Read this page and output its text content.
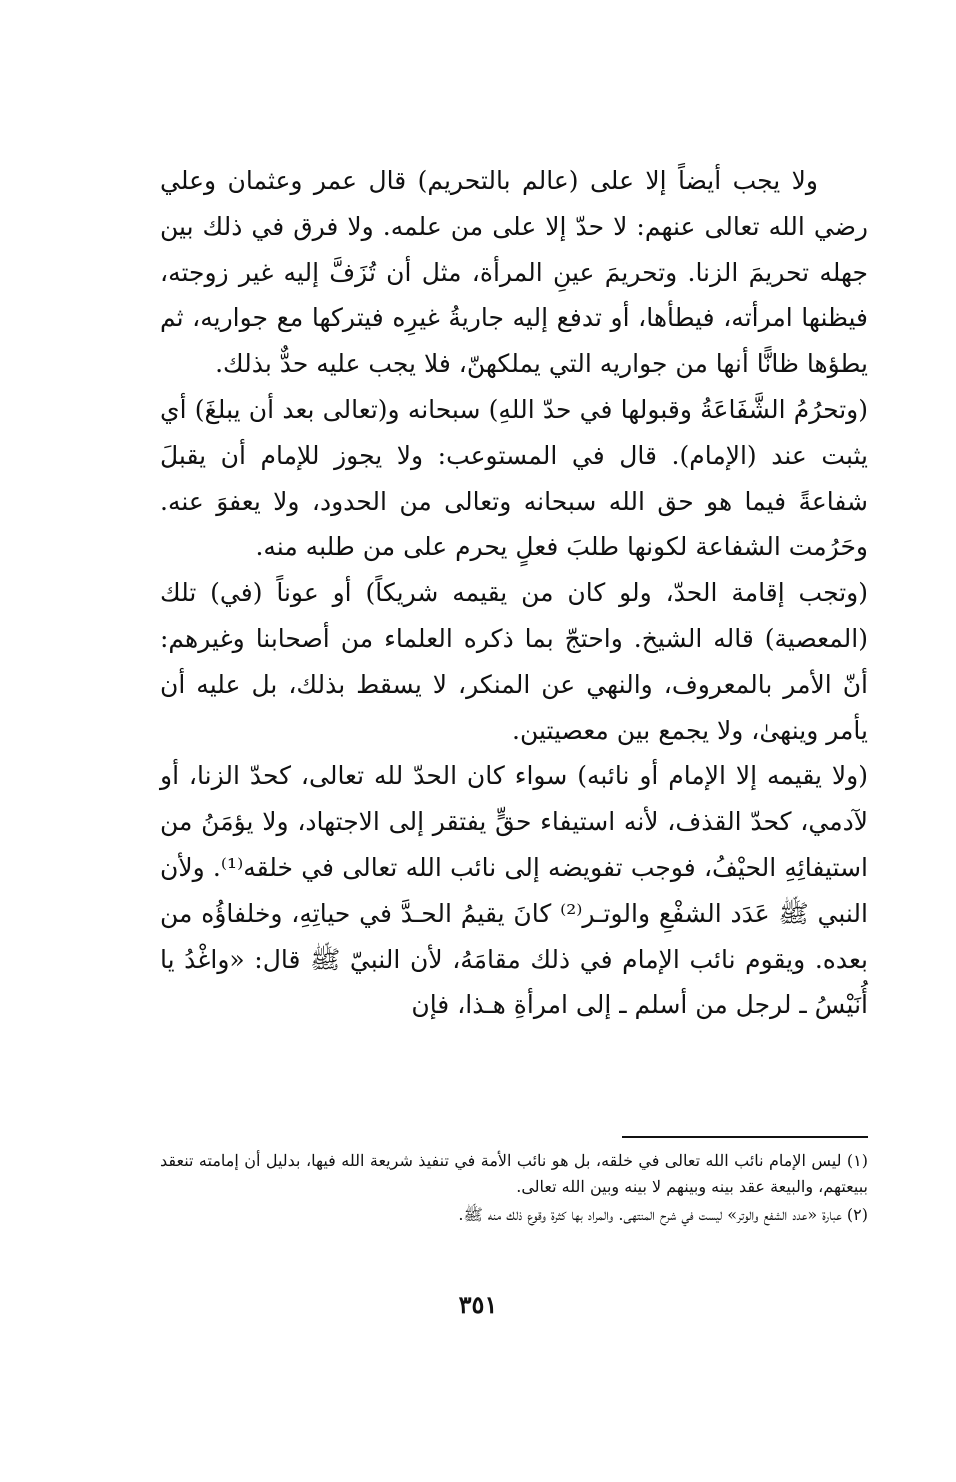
ولا يجب أيضاً إلا على (عالم بالتحريم) قال عمر وعثمان وعلي رضي الله تعالى عنهم: لا حدّ إلا على من علمه. ولا فرق في ذلك بين جهله تحريمَ الزنا. وتحريمَ عينِ المرأة، مثل أن تُزَفَّ إليه غير زوجته، فيظنها امرأته، فيطأها، أو تدفع إليه جاريةُ غيرِه فيتركها مع جواريه، ثم يطؤها ظانًّا أنها من جواريه التي يملكهنّ، فلا يجب عليه حدٌّ بذلك.

(وتحرُمُ الشَّفَاعَةُ وقبولها في حدّ اللهِ) سبحانه و(تعالى بعد أن يبلغَ) أي يثبت عند (الإمام). قال في المستوعب: ولا يجوز للإمام أن يقبلَ شفاعةً فيما هو حق الله سبحانه وتعالى من الحدود، ولا يعفوَ عنه. وحَرُمت الشفاعة لكونها طلبَ فعلٍ يحرم على من طلبه منه.

(وتجب إقامة الحدّ، ولو كان من يقيمه شريكاً) أو عوناً (في) تلك (المعصية) قاله الشيخ. واحتجّ بما ذكره العلماء من أصحابنا وغيرهم: أنّ الأمر بالمعروف، والنهي عن المنكر، لا يسقط بذلك، بل عليه أن يأمر وينهىٰ، ولا يجمع بين معصيتين.

(ولا يقيمه إلا الإمام أو نائبه) سواء كان الحدّ لله تعالى، كحدّ الزنا، أو لآدمي، كحدّ القذف، لأنه استيفاء حقٍّ يفتقر إلى الاجتهاد، ولا يؤمَنُ من استيفائِهِ الحيْفُ، فوجب تفويضه إلى نائب الله تعالى في خلقه⁽¹⁾. ولأن النبي ﷺ عَدَد الشفْعِ والوتـر⁽²⁾ كانَ يقيمُ الحـدَّ في حياتِهِ، وخلفاؤُه من بعده. ويقوم نائب الإمام في ذلك مقامَهُ، لأن النبيّ ﷺ قال: «واغْدُ يا أُنَيْسُ ـ لرجل من أسلم ـ إلى امرأةِ هـذا، فإن

(١) ليس الإمام نائب الله تعالى في خلقه، بل هو نائب الأمة في تنفيذ شريعة الله فيها، بدليل أن إمامته تنعقد ببيعتهم، والبيعة عقد بينه وبينهم لا بينه وبين الله تعالى.

(٢) عبارة «عدد الشفع والوتر» ليست في شرح المنتهى. والمراد بها كثرة وقوع ذلك منه ﷺ.

٣٥١
